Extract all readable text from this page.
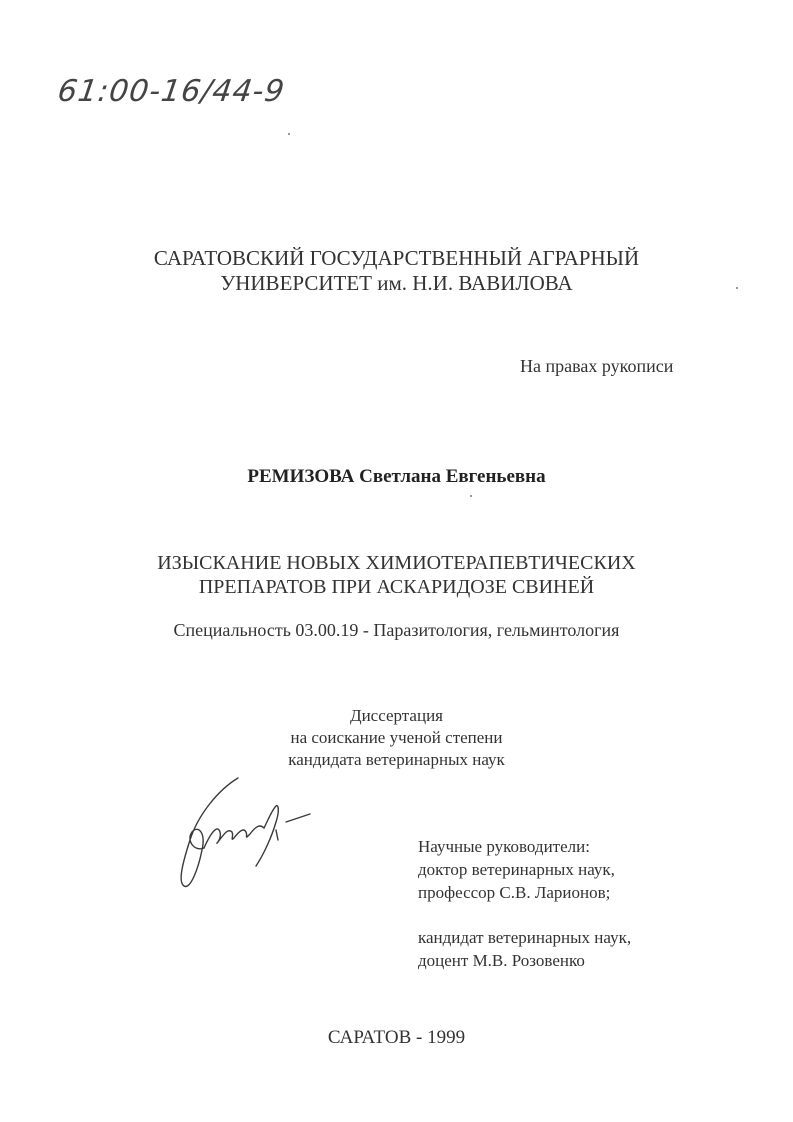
61:00-16/44-9
САРАТОВСКИЙ ГОСУДАРСТВЕННЫЙ АГРАРНЫЙ
УНИВЕРСИТЕТ им. Н.И. ВАВИЛОВА
На правах рукописи
РЕМИЗОВА Светлана Евгеньевна
ИЗЫСКАНИЕ НОВЫХ ХИМИОТЕРАПЕВТИЧЕСКИХ
ПРЕПАРАТОВ ПРИ АСКАРИДОЗЕ СВИНЕЙ
Специальность 03.00.19 - Паразитология, гельминтология
Диссертация
на соискание ученой степени
кандидата ветеринарных наук
Научные руководители:
доктор ветеринарных наук,
профессор С.В. Ларионов;
кандидат ветеринарных наук,
доцент М.В. Розовенко
САРАТОВ - 1999
